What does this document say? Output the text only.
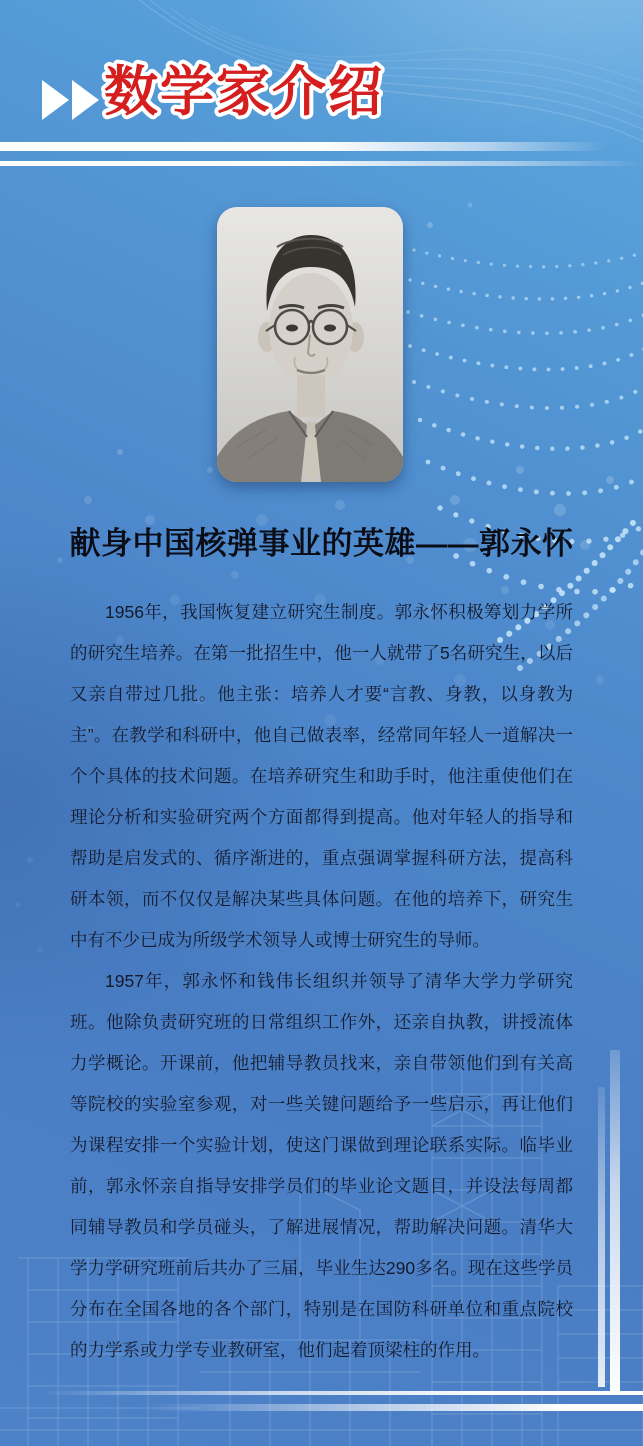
数学家介绍
献身中国核弹事业的英雄——郭永怀

1956年，我国恢复建立研究生制度。郭永怀积极筹划力学所的研究生培养。在第一批招生中，他一人就带了5名研究生，以后又亲自带过几批。他主张：培养人才要“言教、身教，以身教为主”。在教学和科研中，他自己做表率，经常同年轻人一道解决一个个具体的技术问题。在培养研究生和助手时，他注重使他们在理论分析和实验研究两个方面都得到提高。他对年轻人的指导和帮助是启发式的、循序渐进的，重点强调掌握科研方法，提高科研本领，而不仅仅是解决某些具体问题。在他的培养下，研究生中有不少已成为所级学术领导人或博士研究生的导师。

1957年，郭永怀和钱伟长组织并领导了清华大学力学研究班。他除负责研究班的日常组织工作外，还亲自执教，讲授流体力学概论。开课前，他把辅导教员找来，亲自带领他们到有关高等院校的实验室参观，对一些关键问题给予一些启示，再让他们为课程安排一个实验计划，使这门课做到理论联系实际。临毕业前，郭永怀亲自指导安排学员们的毕业论文题目，并设法每周都同辅导教员和学员碰头，了解进展情况，帮助解决问题。清华大学力学研究班前后共办了三届，毕业生达290多名。现在这些学员分布在全国各地的各个部门，特别是在国防科研单位和重点院校的力学系或力学专业教研室，他们起着顶梁柱的作用。
